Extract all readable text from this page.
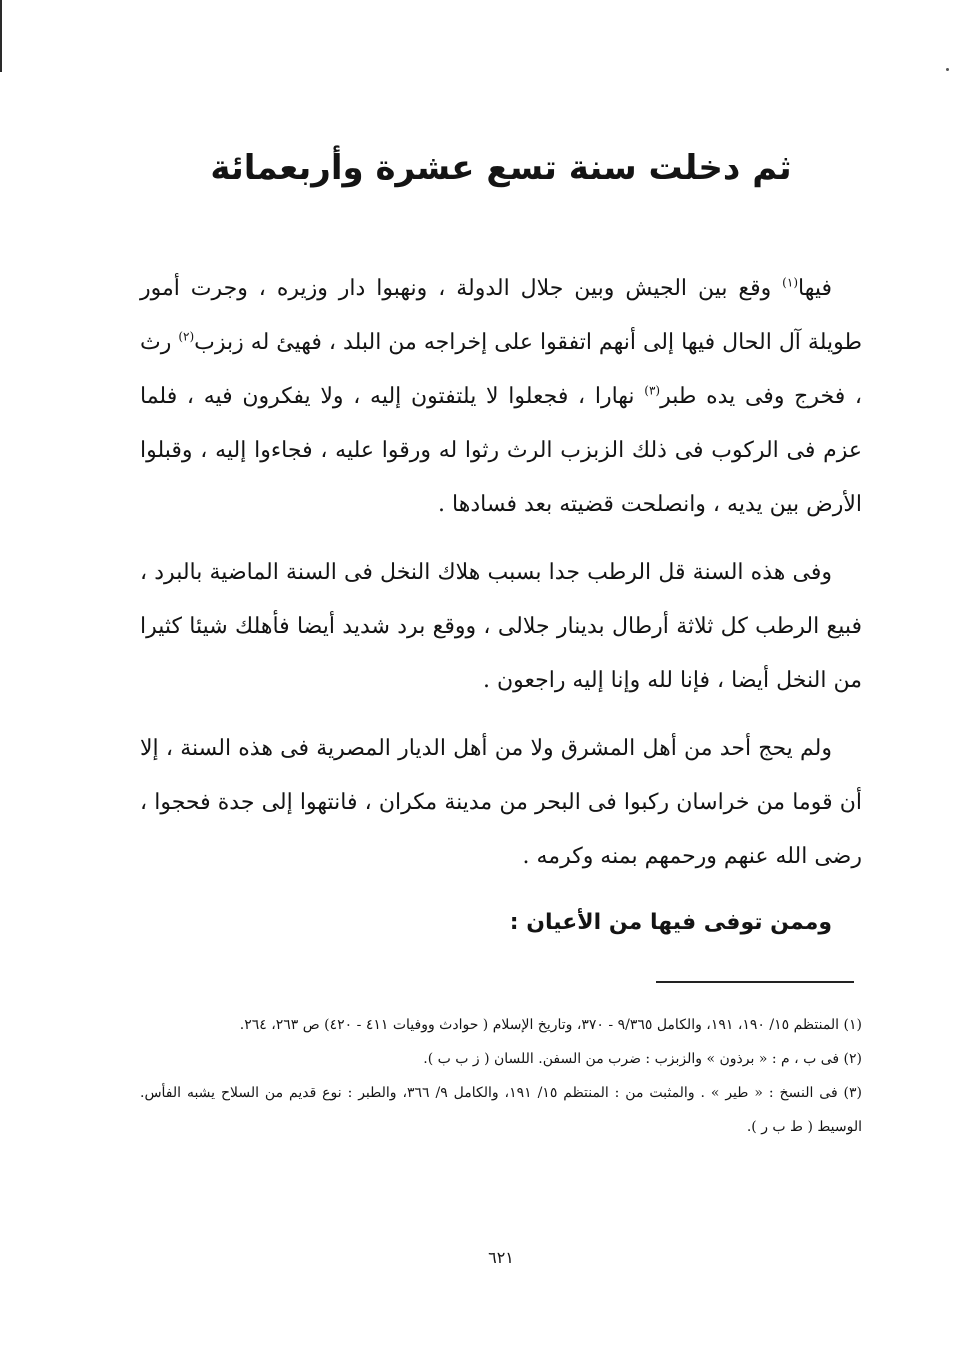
ثم دخلت سنة تسع عشرة وأربعمائة

فيها$^{(١)}$ وقع بين الجيش وبين جلال الدولة ، ونهبوا دار وزيره ، وجرت أمور طويلة آل الحال فيها إلى أنهم اتفقوا على إخراجه من البلد ، فهيئ له زبزب$^{(٢)}$ رث ، فخرج وفى يده طبر$^{(٣)}$ نهارا ، فجعلوا لا يلتفتون إليه ، ولا يفكرون فيه ، فلما عزم فى الركوب فى ذلك الزبزب الرث رثوا له ورقوا عليه ، فجاءوا إليه ، وقبلوا الأرض بين يديه ، وانصلحت قضيته بعد فسادها .

وفى هذه السنة قل الرطب جدا بسبب هلاك النخل فى السنة الماضية بالبرد ، فبيع الرطب كل ثلاثة أرطال بدينار جلالى ، ووقع برد شديد أيضا فأهلك شيئا كثيرا من النخل أيضا ، فإنا لله وإنا إليه راجعون .

ولم يحج أحد من أهل المشرق ولا من أهل الديار المصرية فى هذه السنة ، إلا أن قوما من خراسان ركبوا فى البحر من مدينة مكران ، فانتهوا إلى جدة فحجوا ، رضى الله عنهم ورحمهم بمنه وكرمه .

وممن توفى فيها من الأعيان :

(١) المنتظم ١٥/ ١٩٠، ١٩١، والكامل ٩/٣٦٥ - ٣٧٠، وتاريخ الإسلام ( حوادث ووفيات ٤١١ - ٤٢٠) ص ٢٦٣، ٢٦٤.

(٢) فى ب ، م : « برذون » والزبزب : ضرب من السفن. اللسان ( ز ب ب ).

(٣) فى النسخ : « طير » . والمثبت من : المنتظم ١٥/ ١٩١، والكامل ٩/ ٣٦٦، والطبر : نوع قديم من السلاح يشبه الفأس. الوسيط ( ط ب ر ).

٦٢١
